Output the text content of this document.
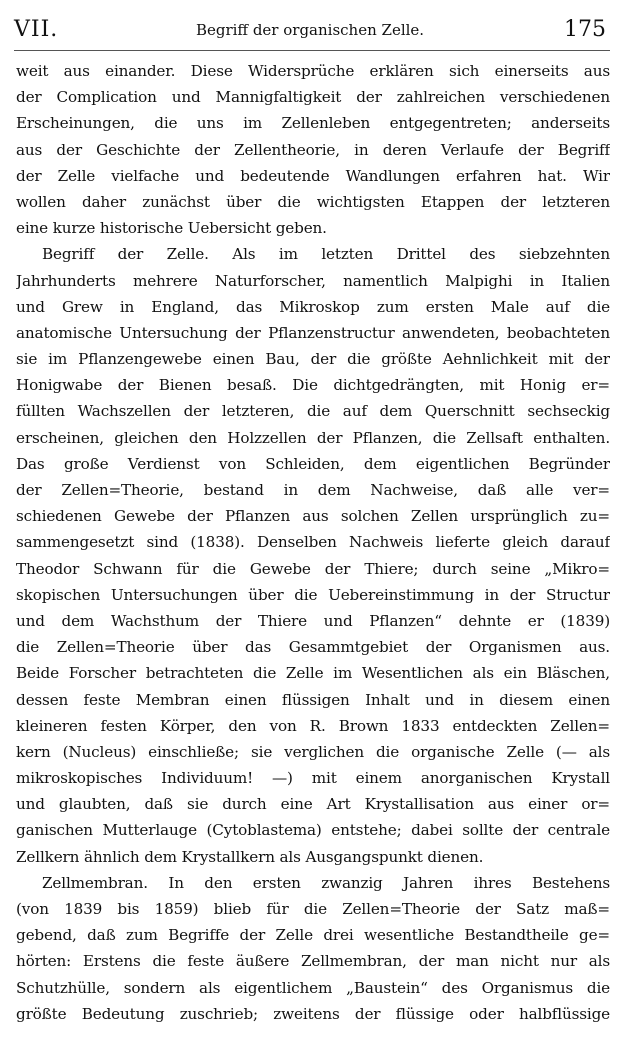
VII.	Begriff der organischen Zelle.	175
weit aus einander. Diese Widersprüche erklären sich einerseits aus
der Complication und Mannigfaltigkeit der zahlreichen verschiedenen
Erscheinungen, die uns im Zellenleben entgegentreten; anderseits
aus der Geschichte der Zellentheorie, in deren Verlaufe der Begriff
der Zelle vielfache und bedeutende Wandlungen erfahren hat. Wir
wollen daher zunächst über die wichtigsten Etappen der letzteren
eine kurze historische Uebersicht geben.
Begriff der Zelle. Als im letzten Drittel des siebzehnten
Jahrhunderts mehrere Naturforscher, namentlich Malpighi in Italien
und Grew in England, das Mikroskop zum ersten Male auf die
anatomische Untersuchung der Pflanzenstructur anwendeten, beobachteten
sie im Pflanzengewebe einen Bau, der die größte Aehnlichkeit mit der
Honigwabe der Bienen besaß. Die dichtgedrängten, mit Honig er=
füllten Wachszellen der letzteren, die auf dem Querschnitt sechseckig
erscheinen, gleichen den Holzzellen der Pflanzen, die Zellsaft enthalten.
Das große Verdienst von Schleiden, dem eigentlichen Begründer
der Zellen=Theorie, bestand in dem Nachweise, daß alle ver=
schiedenen Gewebe der Pflanzen aus solchen Zellen ursprünglich zu=
sammengesetzt sind (1838). Denselben Nachweis lieferte gleich darauf
Theodor Schwann für die Gewebe der Thiere; durch seine „Mikro=
skopischen Untersuchungen über die Uebereinstimmung in der Structur
und dem Wachsthum der Thiere und Pflanzen“ dehnte er (1839)
die Zellen=Theorie über das Gesammtgebiet der Organismen aus.
Beide Forscher betrachteten die Zelle im Wesentlichen als ein Bläschen,
dessen feste Membran einen flüssigen Inhalt und in diesem einen
kleineren festen Körper, den von R. Brown 1833 entdeckten Zellen=
kern (Nucleus) einschließe; sie verglichen die organische Zelle (— als
mikroskopisches Individuum! —) mit einem anorganischen Krystall
und glaubten, daß sie durch eine Art Krystallisation aus einer or=
ganischen Mutterlauge (Cytoblastema) entstehe; dabei sollte der centrale
Zellkern ähnlich dem Krystallkern als Ausgangspunkt dienen.
Zellmembran. In den ersten zwanzig Jahren ihres Bestehens
(von 1839 bis 1859) blieb für die Zellen=Theorie der Satz maß=
gebend, daß zum Begriffe der Zelle drei wesentliche Bestandtheile ge=
hörten: Erstens die feste äußere Zellmembran, der man nicht nur als
Schutzhülle, sondern als eigentlichem „Baustein“ des Organismus die
größte Bedeutung zuschrieb; zweitens der flüssige oder halbflüssige
